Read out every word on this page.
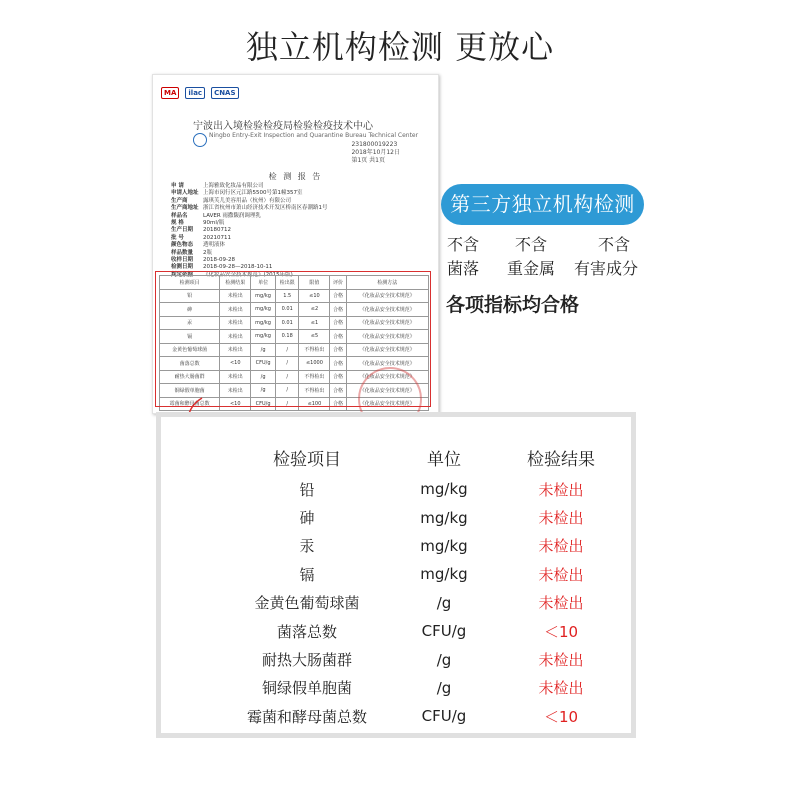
独立机构检测 更放心
MA	ilac	CNAS
宁波出入境检验检疫局检验检疫技术中心
Ningbo Entry-Exit Inspection and Quarantine Bureau Technical Center
231800019223
2018年10月12日
第1页 共1页
检 测 报 告
申 请	上海雅致化妆品有限公司
申请人地址 上海市闵行区元江路5500号第1幢357室
生产商	露琪芙儿美容用品（杭州）有限公司
生产商地址 浙江省杭州市萧山经济技术开发区桥南区春潮路1号
样品名	LAVER 雨撒馥润调理乳
规 格	90ml/瓶
生产日期 20180712
批 号	20210711
颜色物态 透明液体
样品数量 2瓶
收样日期 2018-09-28
检测日期 2018-09-28—2018-10-11
判定依据 《化妆品安全技术规范》(2015年版)
检测项目	检测结果	单位	检出限	限值	评价	检测方法
铅	未检出	mg/kg	1.5	≤10	合格	《化妆品安全技术规范》
砷	未检出	mg/kg	0.01	≤2	合格	《化妆品安全技术规范》
汞	未检出	mg/kg	0.01	≤1	合格	《化妆品安全技术规范》
镉	未检出	mg/kg	0.18	≤5	合格	《化妆品安全技术规范》
金黄色葡萄球菌	未检出	/g	/	不得检出	合格	《化妆品安全技术规范》
菌落总数	<10	CFU/g	/	≤1000	合格	《化妆品安全技术规范》
耐热大肠菌群	未检出	/g	/	不得检出	合格	《化妆品安全技术规范》
铜绿假单胞菌	未检出	/g	/	不得检出	合格	《化妆品安全技术规范》
霉菌和酵母菌总数	<10	CFU/g	/	≤100	合格	《化妆品安全技术规范》
第三方独立机构检测
不含
菌落
不含
重金属
不含
有害成分
各项指标均合格
检验项目	单位	检验结果
铅	mg/kg	未检出
砷	mg/kg	未检出
汞	mg/kg	未检出
镉	mg/kg	未检出
金黄色葡萄球菌	/g	未检出
菌落总数	CFU/g	＜10
耐热大肠菌群	/g	未检出
铜绿假单胞菌	/g	未检出
霉菌和酵母菌总数	CFU/g	＜10
